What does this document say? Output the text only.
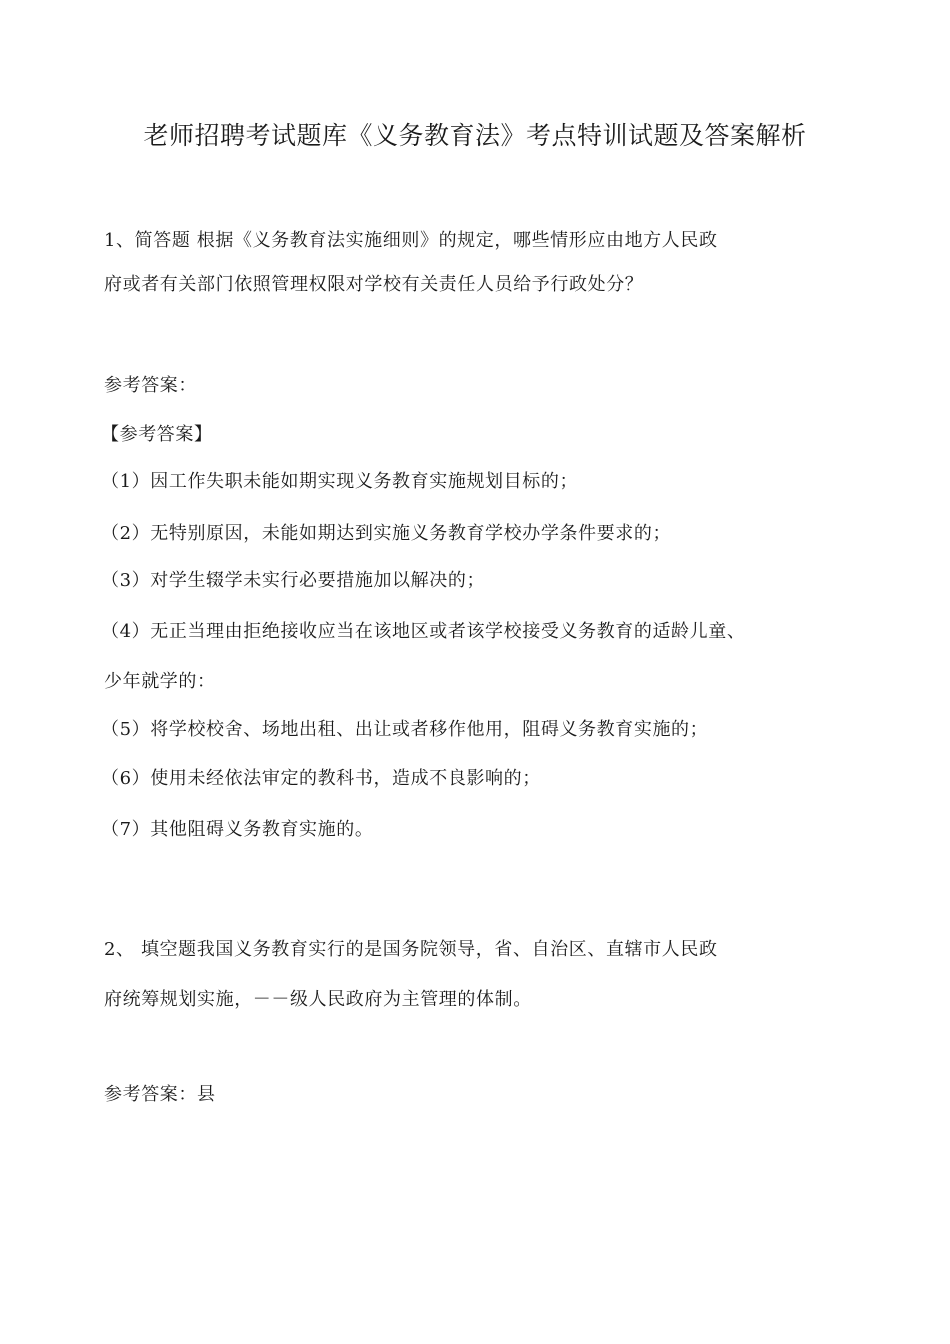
老师招聘考试题库《义务教育法》考点特训试题及答案解析
1、简答题 根据《义务教育法实施细则》的规定，哪些情形应由地方人民政
府或者有关部门依照管理权限对学校有关责任人员给予行政处分？
参考答案：
【参考答案】
（1）因工作失职未能如期实现义务教育实施规划目标的；
（2）无特别原因，未能如期达到实施义务教育学校办学条件要求的；
（3）对学生辍学未实行必要措施加以解决的；
（4）无正当理由拒绝接收应当在该地区或者该学校接受义务教育的适龄儿童、
少年就学的：
（5）将学校校舍、场地出租、出让或者移作他用，阻碍义务教育实施的；
（6）使用未经依法审定的教科书，造成不良影响的；
（7）其他阻碍义务教育实施的。
2、 填空题我国义务教育实行的是国务院领导，省、自治区、直辖市人民政
府统筹规划实施，－－级人民政府为主管理的体制。
参考答案：县
